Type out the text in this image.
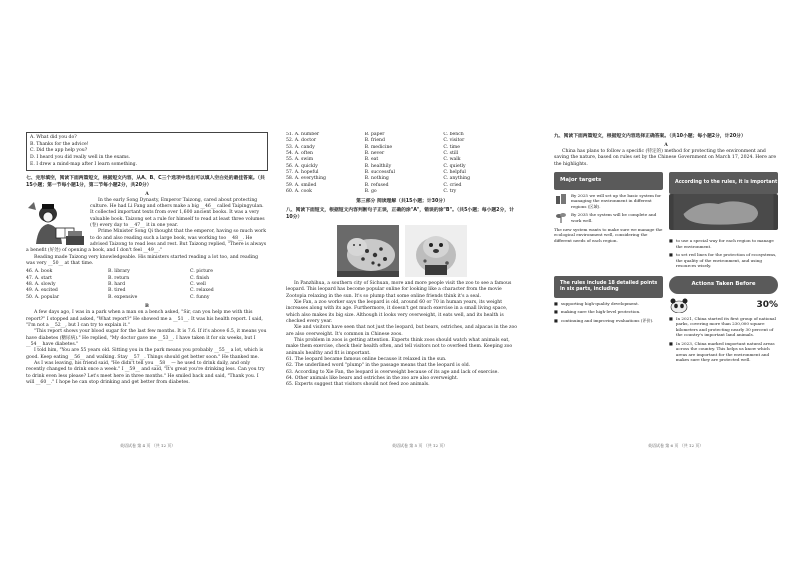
A. What did you do?
B. Thanks for the advice!
C. Did the app help you?
D. I heard you did really well in the exams.
E. I drew a mind-map after I learn something.
七、完形填空，阅读下面两篇短文，根据短文内容，从A、B、C三个选项中选出可以填入空白处的最佳答案。（共15小题；第一节每小题1分，第二节每小题2分，共20分）
A

In the early Song Dynasty, Emperor Taizong, cared about protecting culture. He had Li Fang and others make a big __46__ called Taipingyulan. It collected important texts from over 1,600 ancient books. It was a very valuable book. Taizong set a rule for himself to read at least three volumes (卷) every day to __47__ it in one year.

Prime Minister Song Qi thought that the emperor, having so much work to do and also reading such a large book, was working too __48__. He advised Taizong to read less and rest. But Taizong replied, "There is always a benefit (好处) of opening a book, and I don't feel __49__."

Reading made Taizong very knowledgeable. His ministers started reading a lot too, and reading was very __50__ at that time.

46. A. book	B. library	C. picture
47. A. start	B. return	C. finish
48. A. slowly	B. hard	C. well
49. A. excited	B. tired	C. relaxed
50. A. popular	B. expensive	C. funny
B

A few days ago, I was in a park when a man on a bench asked, "Sir, can you help me with this report?" I stopped and asked, "What report?" He showed me a __51__. It was his health report. I said, "I'm not a __52__, but I can try to explain it."

"This report shows your blood sugar for the last few months. It is 7.6. If it's above 6.5, it means you have diabetes (糖尿病)." He replied, "My doctor gave me __53__. I have taken it for six weeks, but I __54__ have diabetes."

I told him, "You are 55 years old. Sitting you in the park means you probably __55__ a lot, which is good. Keep eating __56__ and walking. Stay __57__. Things should get better soon." He thanked me.

As I was leaving, his friend said, "He didn't tell you __58__ — he used to drink daily, and only recently changed to drink once a week." I __59__ and said, "It's great you're drinking less. Can you try to drink even less please? Let's meet here in three months." He smiled back and said, "Thank you. I will __60__." I hope he can stop drinking and get better from diabetes.

英语试卷 第 4 页 （共 12 页）
51. A. number	B. paper	C. bench
52. A. doctor	B. friend	C. visitor
53. A. candy	B. medicine	C. time
54. A. often	B. never	C. still
55. A. swim	B. eat	C. walk
56. A. quickly	B. healthily	C. quietly
57. A. hopeful	B. successful	C. helpful
58. A. everything	B. nothing	C. anything
59. A. smiled	B. refused	C. cried
60. A. cook	B. go	C. try
第三部分 阅读理解（共15小题；计30分）
八、阅读下面短文，根据短文内容判断句子正误，正确的涂"A"，错误的涂"B"。（共5小题；每小题2分，计10分）

In Panzhihua, a southern city of Sichuan, more and more people visit the zoo to see a famous leopard. This leopard has become popular online for looking like a character from the movie Zootopia relaxing in the sun. It's so plump that some online friends think it's a seal.

Xie Fan, a zoo worker says the leopard is old, around 60 or 70 in human years, its weight increases along with its age. Furthermore, it doesn't get much exercise in a small living space, which also makes its big size. Although it looks very overweight, it eats well, and its health is checked every year.

Xie and visitors have seen that not just the leopard, but bears, ostriches, and alpacas in the zoo are also overweight. It's common in Chinese zoos.

This problem in zoos is getting attention. Experts think zoos should watch what animals eat, make them exercise, check their health often, and tell visitors not to overfeed them. Keeping zoo animals healthy and fit is important.

61. The leopard became famous online because it relaxed in the sun.
62. The underlined word "plump" in the passage means that the leopard is old.
63. According to Xie Fan, the leopard is overweight because of its age and lack of exercise.
64. Other animals like bears and ostriches in the zoo are also overweight.
65. Experts suggest that visitors should not feed zoo animals.
英语试卷 第 5 页 （共 12 页）
九、阅读下面两篇短文，根据短文内容选择正确答案。（共10小题；每小题2分，计20分）
A

China has plans to follow a specific (特定的) method for protecting the environment and saving the nature, based on rules set by the Chinese Government on March 17, 2024. Here are the highlights.

Major targets
By 2025 we will set up the basic system for managing the environment in different regions (区域).
By 2035 the system will be complete and work well.
The new system wants to make sure we manage the ecological environment well, considering the different needs of each region.
According to the rules, it is important
■ to use a special way for each region to manage the environment.
■ to set red lines for the protection of ecosystems, the quality of the environment, and using resources wisely.
The rules include 18 detailed points in six parts, including
■ supporting high-quality development.
■ making sure the high-level protection.
■ continuing and improving evaluations (评价).
Actions Taken Before
30%
■ In 2021, China started its first group of national parks, covering more than 230,000 square kilometers and protecting nearly 30 percent of the country's important land animals.
■ In 2023, China marked important natural areas across the country. This helps us know which areas are important for the environment and makes sure they are protected well.
英语试卷 第 6 页 （共 12 页）
